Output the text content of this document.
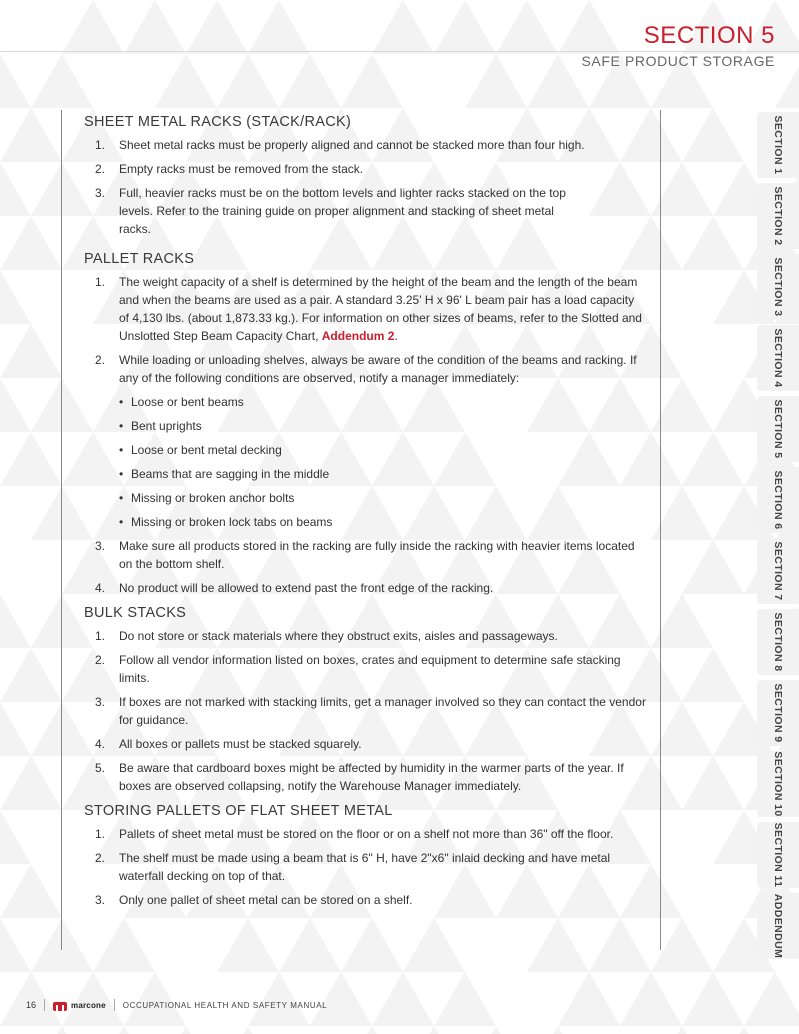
SECTION 5
SAFE PRODUCT STORAGE
SHEET METAL RACKS (STACK/RACK)
1. Sheet metal racks must be properly aligned and cannot be stacked more than four high.
2. Empty racks must be removed from the stack.
3. Full, heavier racks must be on the bottom levels and lighter racks stacked on the top levels. Refer to the training guide on proper alignment and stacking of sheet metal racks.
PALLET RACKS
1. The weight capacity of a shelf is determined by the height of the beam and the length of the beam and when the beams are used as a pair. A standard 3.25' H x 96' L beam pair has a load capacity of 4,130 lbs. (about 1,873.33 kg.). For information on other sizes of beams, refer to the Slotted and Unslotted Step Beam Capacity Chart, Addendum 2.
2. While loading or unloading shelves, always be aware of the condition of the beams and racking. If any of the following conditions are observed, notify a manager immediately:
• Loose or bent beams
• Bent uprights
• Loose or bent metal decking
• Beams that are sagging in the middle
• Missing or broken anchor bolts
• Missing or broken lock tabs on beams
3. Make sure all products stored in the racking are fully inside the racking with heavier items located on the bottom shelf.
4. No product will be allowed to extend past the front edge of the racking.
BULK STACKS
1. Do not store or stack materials where they obstruct exits, aisles and passageways.
2. Follow all vendor information listed on boxes, crates and equipment to determine safe stacking limits.
3. If boxes are not marked with stacking limits, get a manager involved so they can contact the vendor for guidance.
4. All boxes or pallets must be stacked squarely.
5. Be aware that cardboard boxes might be affected by humidity in the warmer parts of the year. If boxes are observed collapsing, notify the Warehouse Manager immediately.
STORING PALLETS OF FLAT SHEET METAL
1. Pallets of sheet metal must be stored on the floor or on a shelf not more than 36" off the floor.
2. The shelf must be made using a beam that is 6" H, have 2"x6" inlaid decking and have metal waterfall decking on top of that.
3. Only one pallet of sheet metal can be stored on a shelf.
SECTION 1
SECTION 2
SECTION 3
SECTION 4
SECTION 5
SECTION 6
SECTION 7
SECTION 8
SECTION 9
SECTION 10
SECTION 11
ADDENDUM
16	marcone OCCUPATIONAL HEALTH AND SAFETY MANUAL
